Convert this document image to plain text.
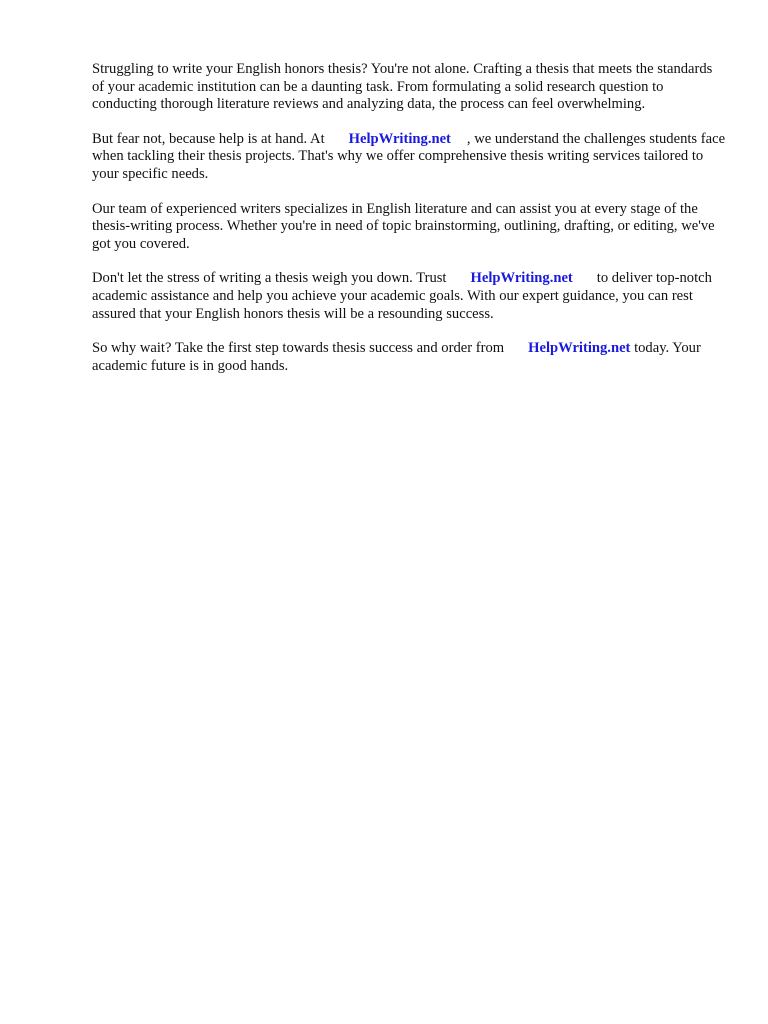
Struggling to write your English honors thesis? You're not alone. Crafting a thesis that meets the standards of your academic institution can be a daunting task. From formulating a solid research question to conducting thorough literature reviews and analyzing data, the process can feel overwhelming.

But fear not, because help is at hand. At HelpWriting.net , we understand the challenges students face when tackling their thesis projects. That's why we offer comprehensive thesis writing services tailored to your specific needs.

Our team of experienced writers specializes in English literature and can assist you at every stage of the thesis-writing process. Whether you're in need of topic brainstorming, outlining, drafting, or editing, we've got you covered.

Don't let the stress of writing a thesis weigh you down. Trust HelpWriting.net to deliver top-notch academic assistance and help you achieve your academic goals. With our expert guidance, you can rest assured that your English honors thesis will be a resounding success.

So why wait? Take the first step towards thesis success and order from HelpWriting.net today. Your academic future is in good hands.
